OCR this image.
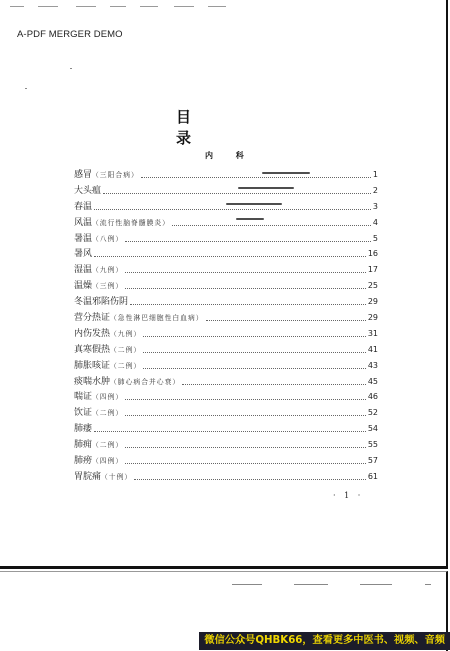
A-PDF MERGER DEMO
目 录
内 科
感冒（三阳合病）	1
大头瘟	2
春温	3
风温（流行性脑脊髓膜炎）	4
暑温（八例）	5
暑风	16
湿温（九例）	17
温燥（三例）	25
冬温邪陷伤阴	29
营分热证（急性淋巴细胞性白血病）	29
内伤发热（九例）	31
真寒假热（二例）	41
肺胀咳证（二例）	43
痰喘水肿（肺心病合并心衰）	45
喘证（四例）	46
饮证（二例）	52
肺痿	54
肺痈（二例）	55
肺痨（四例）	57
胃脘痛（十例）	61
· 1 ·
微信公众号QHBK66，查看更多中医书、视频、音频
